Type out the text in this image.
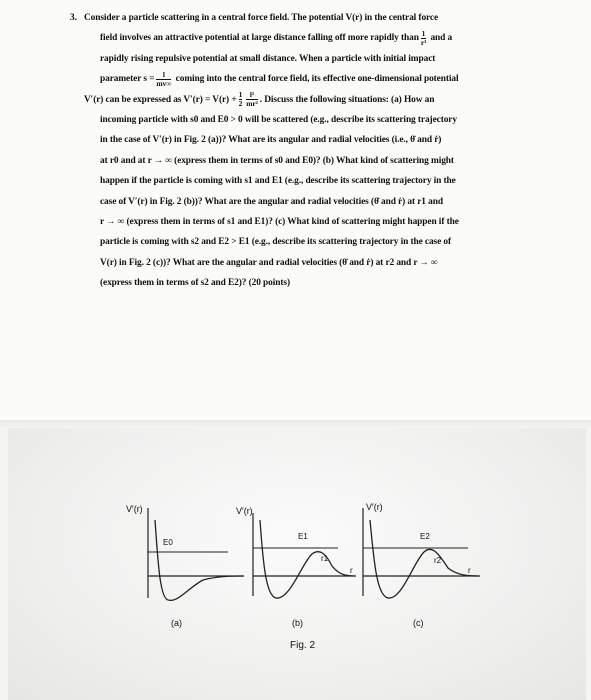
3. Consider a particle scattering in a central force field. The potential V(r) in the central force
field involves an attractive potential at large distance falling off more rapidly than $\frac{1}{\text{r³}}$ and a
rapidly rising repulsive potential at small distance. When a particle with initial impact
parameter $s = \frac{l}{mv\infty}$ coming into the central force field, its effective one-dimensional potential
V′(r) can be expressed as $V'(r) = V(r) + \frac{1}{2} \frac{\text{l²}}{\text{mr²}}$ . Discuss the following situations: (a) How an
incoming particle with s0 and E0 > 0 will be scattered (e.g., describe its scattering trajectory
in the case of V′(r) in Fig. 2 (a))? What are its angular and radial velocities (i.e., θ̇ and ṙ)
at r0 and at r → ∞ (express them in terms of s0 and E0)? (b) What kind of scattering might
happen if the particle is coming with s1 and E1 (e.g., describe its scattering trajectory in the
case of V′(r) in Fig. 2 (b))? What are the angular and radial velocities (θ̇ and ṙ) at r1 and
r → ∞ (express them in terms of s1 and E1)? (c) What kind of scattering might happen if the
particle is coming with s2 and E2 > E1 (e.g., describe its scattering trajectory in the case of
V(r) in Fig. 2 (c))? What are the angular and radial velocities (θ̇ and ṙ) at r2 and r → ∞
(express them in terms of s2 and E2)? (20 points)
V′(r)
E0
(a)
V′(r)
E1
r1
r
(b)
V′(r)
E2
r2
r
(c)
Fig. 2
